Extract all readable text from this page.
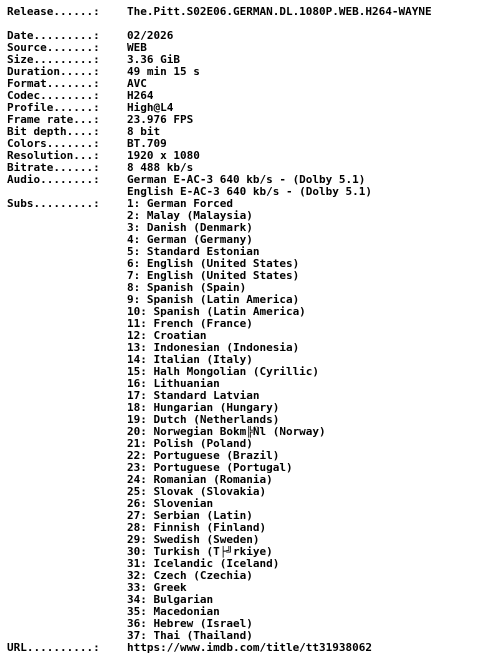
Release......:	The.Pitt.S02E06.GERMAN.DL.1080P.WEB.H264-WAYNE
Date.........:	02/2026
Source.......:	WEB
Size.........:	3.36 GiB
Duration.....:	49 min 15 s
Format.......:	AVC
Codec........:	H264
Profile......:	High@L4
Frame rate...:	23.976 FPS
Bit depth....:	8 bit
Colors.......:	BT.709
Resolution...:	1920 x 1080
Bitrate......:	8 488 kb/s
Audio........:	German E-AC-3 640 kb/s - (Dolby 5.1)
English E-AC-3 640 kb/s - (Dolby 5.1)
Subs.........:	1: German Forced
2: Malay (Malaysia)
3: Danish (Denmark)
4: German (Germany)
5: Standard Estonian
6: English (United States)
7: English (United States)
8: Spanish (Spain)
9: Spanish (Latin America)
10: Spanish (Latin America)
11: French (France)
12: Croatian
13: Indonesian (Indonesia)
14: Italian (Italy)
15: Halh Mongolian (Cyrillic)
16: Lithuanian
17: Standard Latvian
18: Hungarian (Hungary)
19: Dutch (Netherlands)
20: Norwegian Bokm╠Ñl (Norway)
21: Polish (Poland)
22: Portuguese (Brazil)
23: Portuguese (Portugal)
24: Romanian (Romania)
25: Slovak (Slovakia)
26: Slovenian
27: Serbian (Latin)
28: Finnish (Finland)
29: Swedish (Sweden)
30: Turkish (T├╝rkiye)
31: Icelandic (Iceland)
32: Czech (Czechia)
33: Greek
34: Bulgarian
35: Macedonian
36: Hebrew (Israel)
37: Thai (Thailand)
URL..........:	https://www.imdb.com/title/tt31938062
